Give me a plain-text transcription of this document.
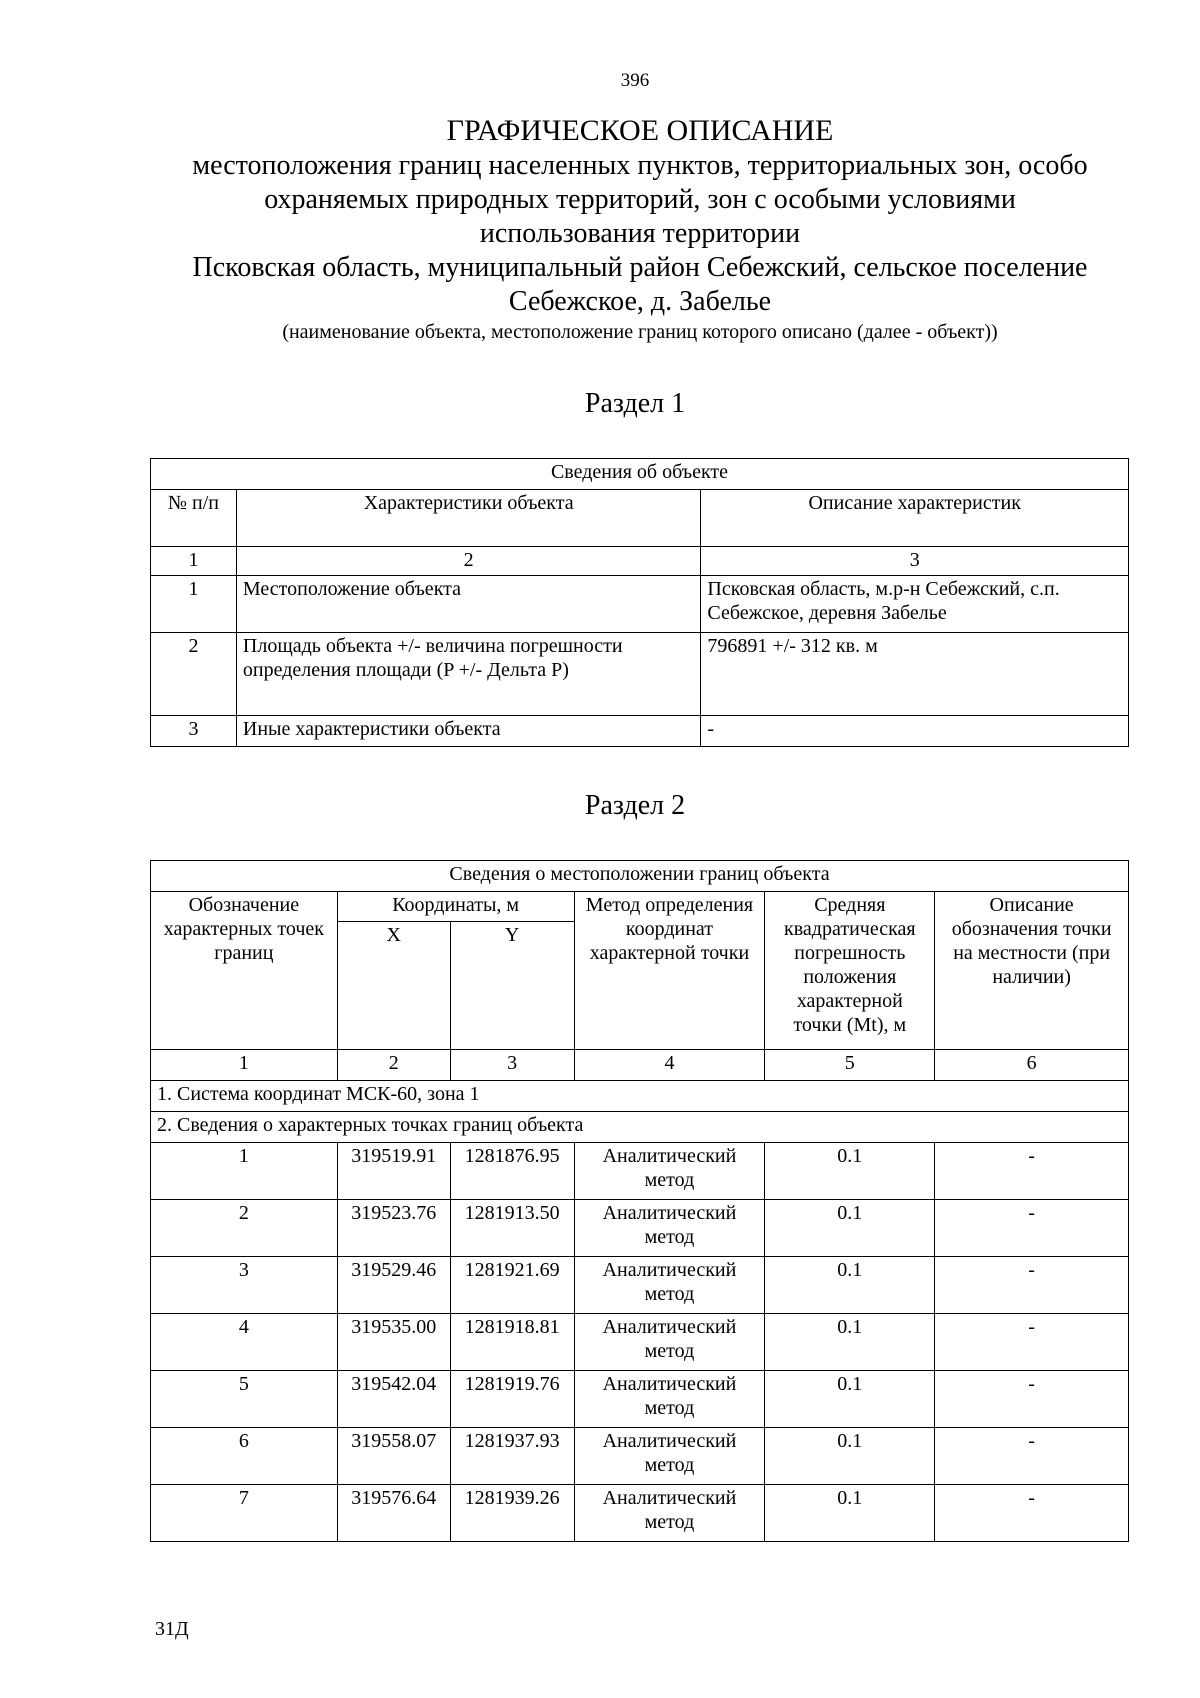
396
ГРАФИЧЕСКОЕ ОПИСАНИЕ
местоположения границ населенных пунктов, территориальных зон, особо
охраняемых природных территорий, зон с особыми условиями
использования территории
Псковская область, муниципальный район Себежский, сельское поселение
Себежское, д. Забелье
(наименование объекта, местоположение границ которого описано (далее - объект))
Раздел 1
Сведения об объекте		
№ п/п	Характеристики объекта	Описание характеристик
1	2	3
1	Местоположение объекта	Псковская область, м.р-н Себежский, с.п. Себежское, деревня Забелье
2	Площадь объекта +/- величина погрешности определения площади (P +/- Дельта P)	796891 +/- 312 кв. м
3	Иные характеристики объекта	-
Раздел 2
Сведения о местоположении границ объекта					
Обозначение характерных точек границ	Координаты, м		Метод определения координат характерной точки	Средняя квадратическая погрешность положения характерной точки (Mt), м	Описание обозначения точки на местности (при наличии)
	X	Y			
1	2	3	4	5	6
1. Система координат МСК-60, зона 1					
2. Сведения о характерных точках границ объекта					
1	319519.91	1281876.95	Аналитический метод	0.1	-
2	319523.76	1281913.50	Аналитический метод	0.1	-
3	319529.46	1281921.69	Аналитический метод	0.1	-
4	319535.00	1281918.81	Аналитический метод	0.1	-
5	319542.04	1281919.76	Аналитический метод	0.1	-
6	319558.07	1281937.93	Аналитический метод	0.1	-
7	319576.64	1281939.26	Аналитический метод	0.1	-
31Д
